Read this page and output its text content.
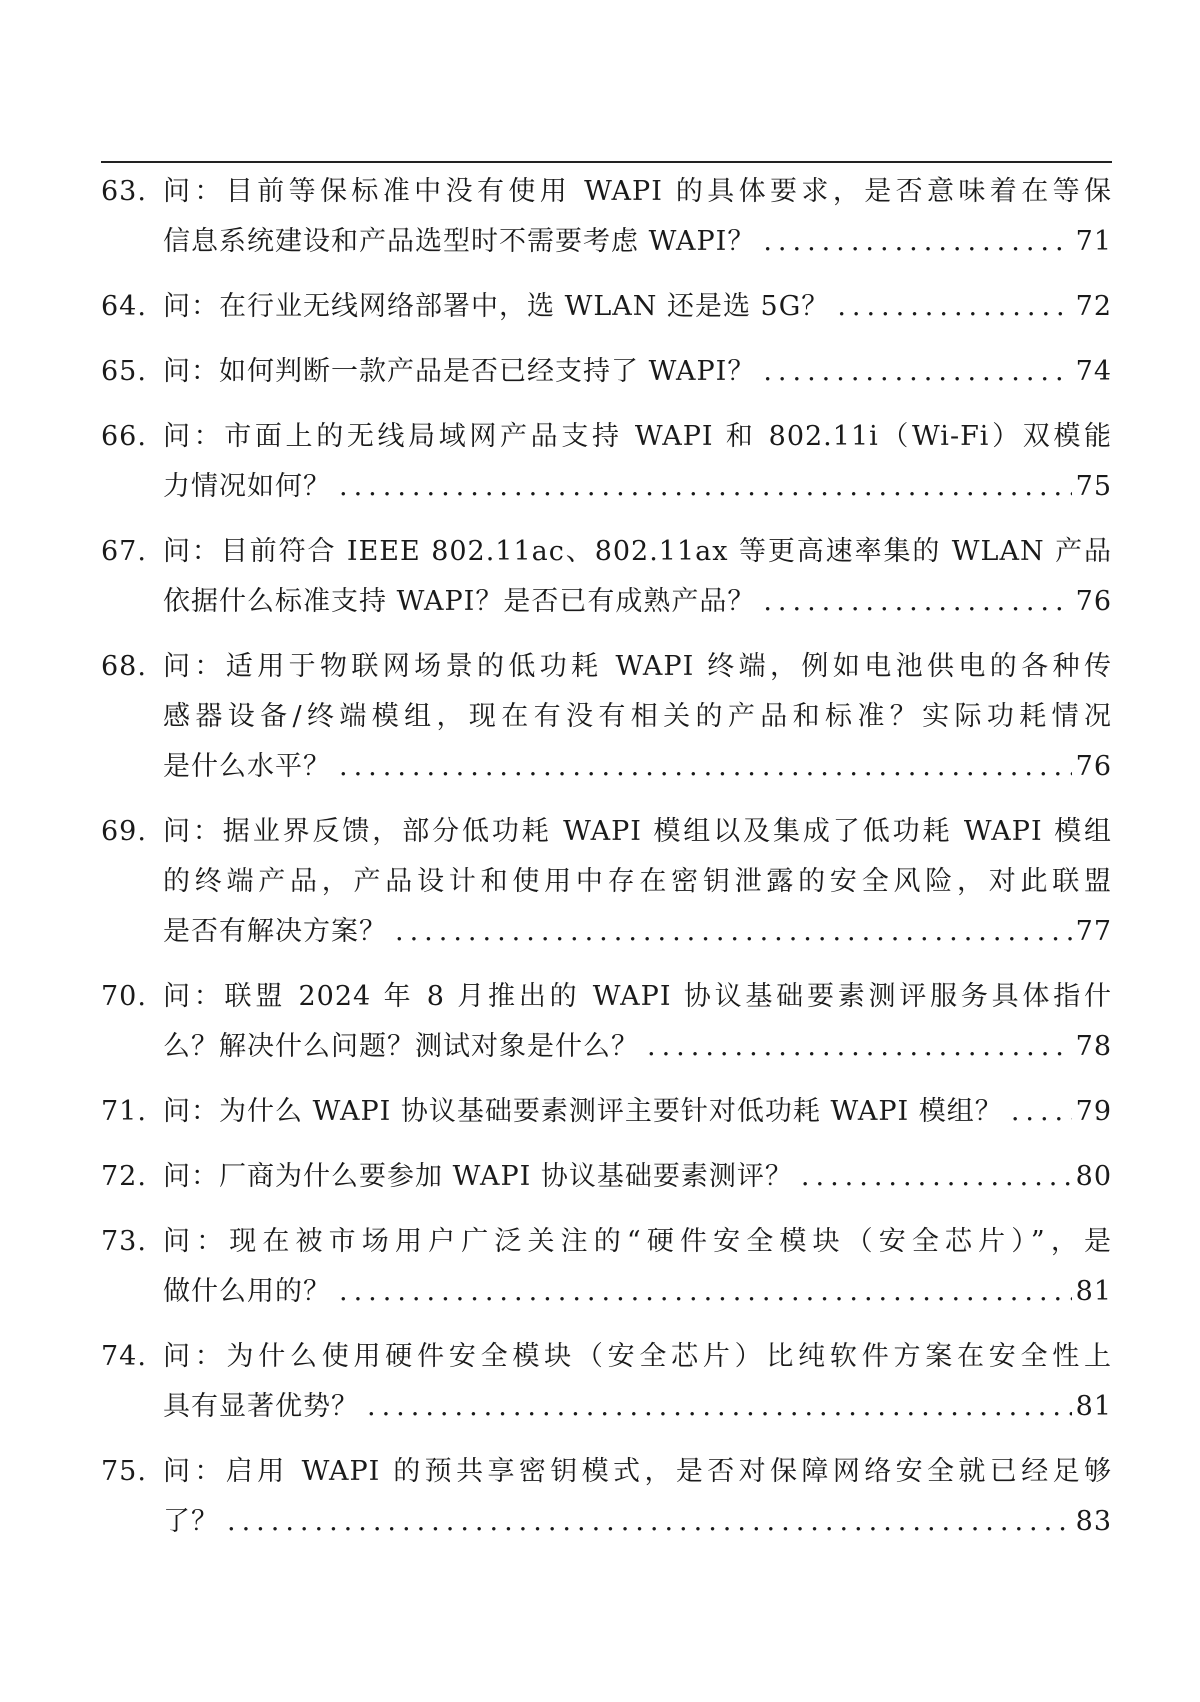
63. 问：目前等保标准中没有使用 WAPI 的具体要求，是否意味着在等保
信息系统建设和产品选型时不需要考虑 WAPI？ .....	71
64. 问：在行业无线网络部署中，选 WLAN 还是选 5G？ .....	72
65. 问：如何判断一款产品是否已经支持了 WAPI？ .....	74
66. 问：市面上的无线局域网产品支持 WAPI 和 802.11i（Wi-Fi）双模能
力情况如何？ .....	75
67. 问：目前符合 IEEE 802.11ac、802.11ax 等更高速率集的 WLAN 产品
依据什么标准支持 WAPI？是否已有成熟产品？ .....	76
68. 问：适用于物联网场景的低功耗 WAPI 终端，例如电池供电的各种传
感器设备/终端模组，现在有没有相关的产品和标准？实际功耗情况
是什么水平？ .....	76
69. 问：据业界反馈，部分低功耗 WAPI 模组以及集成了低功耗 WAPI 模组
的终端产品，产品设计和使用中存在密钥泄露的安全风险，对此联盟
是否有解决方案？ .....	77
70. 问：联盟 2024 年 8 月推出的 WAPI 协议基础要素测评服务具体指什
么？解决什么问题？测试对象是什么？ .....	78
71. 问：为什么 WAPI 协议基础要素测评主要针对低功耗 WAPI 模组？ .....	79
72. 问：厂商为什么要参加 WAPI 协议基础要素测评？ .....	80
73. 问：现在被市场用户广泛关注的“硬件安全模块（安全芯片）”，是
做什么用的？ .....	81
74. 问：为什么使用硬件安全模块（安全芯片）比纯软件方案在安全性上
具有显著优势？ .....	81
75. 问：启用 WAPI 的预共享密钥模式，是否对保障网络安全就已经足够
了？ .....	83
